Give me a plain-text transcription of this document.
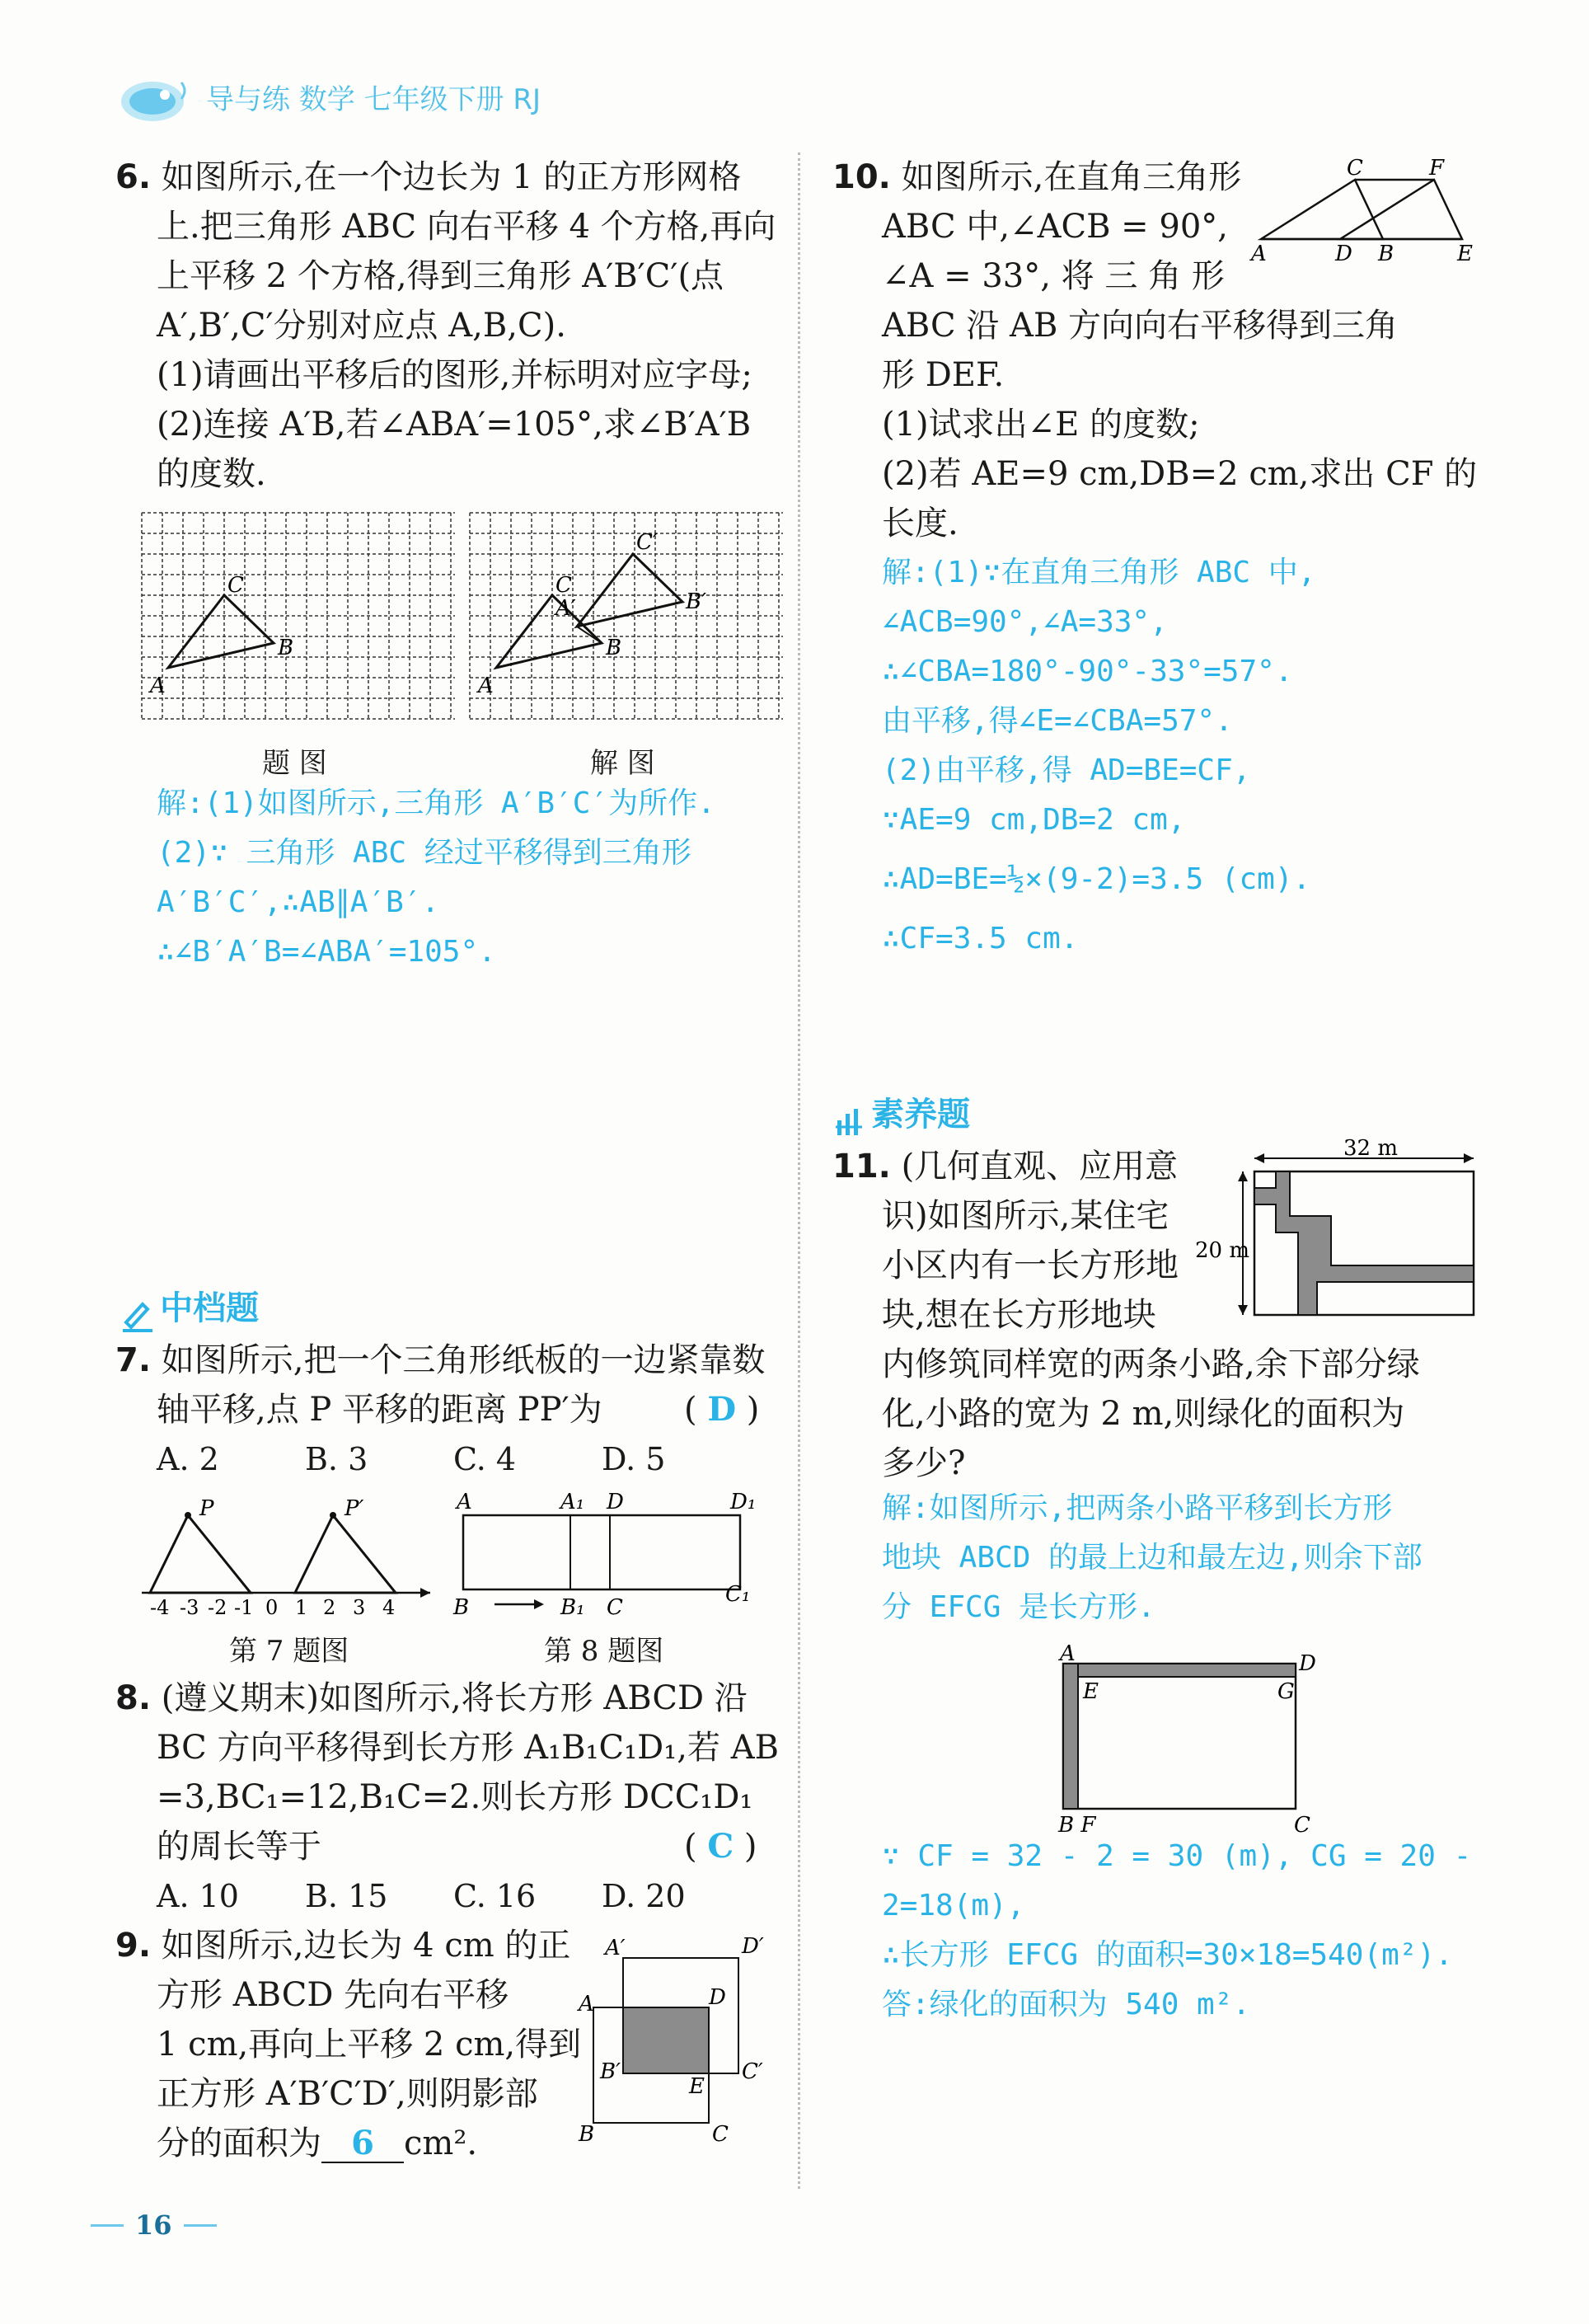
导与练 数学 七年级下册 RJ
6. 如图所示,在一个边长为 1 的正方形网格
上.把三角形 ABC 向右平移 4 个方格,再向
上平移 2 个方格,得到三角形 A′B′C′(点
A′,B′,C′分别对应点 A,B,C).
(1)请画出平移后的图形,并标明对应字母;
(2)连接 A′B,若∠ABA′=105°,求∠B′A′B
的度数.
C
B
A
题 图
C
B
A
C′
B′
A′
解 图
解:(1)如图所示,三角形 A′B′C′为所作.
(2)∵ 三角形 ABC 经过平移得到三角形
A′B′C′,∴AB∥A′B′.
∴∠B′A′B=∠ABA′=105°.
中档题
7. 如图所示,把一个三角形纸板的一边紧靠数
轴平移,点 P 平移的距离 PP′为
A. 2	B. 3	C. 4	D. 5
( D )
P	P′
-4 -3 -2 -1 0 1 2 3 4
第 7 题图
A	A₁ D	D₁
B	B₁ C
C₁
第 8 题图
8. (遵义期末)如图所示,将长方形 ABCD 沿
BC 方向平移得到长方形 A₁B₁C₁D₁,若 AB
=3,BC₁=12,B₁C=2.则长方形 DCC₁D₁
的周长等于
A. 10 B. 15 C. 16 D. 20
( C )
9. 如图所示,边长为 4 cm 的正
方形 ABCD 先向右平移
1 cm,再向上平移 2 cm,得到
正方形 A′B′C′D′,则阴影部
分的面积为 6 cm².
A′	D′
A	D
B′	C′
E
B	C
10. 如图所示,在直角三角形
ABC 中,∠ACB = 90°,
∠A = 33°, 将 三 角 形
ABC 沿 AB 方向向右平移得到三角
形 DEF.
(1)试求出∠E 的度数;
(2)若 AE=9 cm,DB=2 cm,求出 CF 的
长度.
C	F
A	D B	E
解:(1)∵在直角三角形 ABC 中,
∠ACB=90°,∠A=33°,
∴∠CBA=180°-90°-33°=57°.
由平移,得∠E=∠CBA=57°.
(2)由平移,得 AD=BE=CF,
∵AE=9 cm,DB=2 cm,
∴AD=BE=½×(9-2)=3.5 (cm).
∴CF=3.5 cm.
素养题
11. (几何直观、应用意
识)如图所示,某住宅
小区内有一长方形地
块,想在长方形地块
内修筑同样宽的两条小路,余下部分绿
化,小路的宽为 2 m,则绿化的面积为
多少?
32 m
20 m
解:如图所示,把两条小路平移到长方形
地块 ABCD 的最上边和最左边,则余下部
分 EFCG 是长方形.
A	D
E	G
B F	C
∵ CF = 32 - 2 = 30 (m), CG = 20 -
2=18(m),
∴长方形 EFCG 的面积=30×18=540(m²).
答:绿化的面积为 540 m².
16
